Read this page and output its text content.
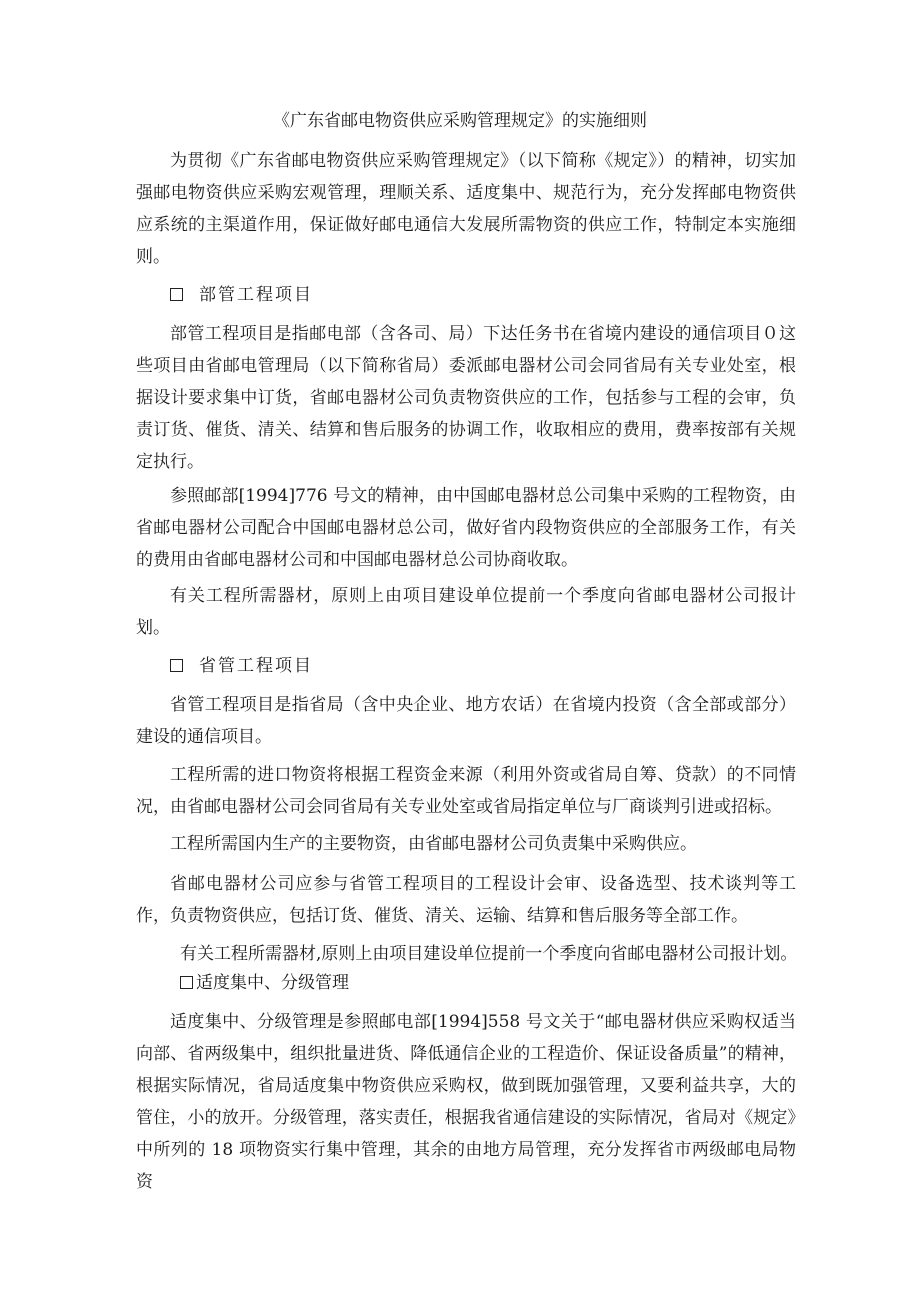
《广东省邮电物资供应采购管理规定》的实施细则

为贯彻《广东省邮电物资供应采购管理规定》（以下简称《规定》）的精神，切实加强邮电物资供应采购宏观管理，理顺关系、适度集中、规范行为，充分发挥邮电物资供应系统的主渠道作用，保证做好邮电通信大发展所需物资的供应工作，特制定本实施细则。

部管工程项目

部管工程项目是指邮电部（含各司、局）下达任务书在省境内建设的通信项目０这些项目由省邮电管理局（以下简称省局）委派邮电器材公司会同省局有关专业处室，根据设计要求集中订货，省邮电器材公司负责物资供应的工作，包括参与工程的会审，负责订货、催货、清关、结算和售后服务的协调工作，收取相应的费用，费率按部有关规定执行。

参照邮部[1994]776 号文的精神，由中国邮电器材总公司集中采购的工程物资，由省邮电器材公司配合中国邮电器材总公司，做好省内段物资供应的全部服务工作，有关的费用由省邮电器材公司和中国邮电器材总公司协商收取。

有关工程所需器材，原则上由项目建设单位提前一个季度向省邮电器材公司报计划。

省管工程项目

省管工程项目是指省局（含中央企业、地方农话）在省境内投资（含全部或部分）建设的通信项目。

工程所需的进口物资将根据工程资金来源（利用外资或省局自筹、贷款）的不同情况，由省邮电器材公司会同省局有关专业处室或省局指定单位与厂商谈判引进或招标。

工程所需国内生产的主要物资，由省邮电器材公司负责集中采购供应。

省邮电器材公司应参与省管工程项目的工程设计会审、设备选型、技术谈判等工作，负责物资供应，包括订货、催货、清关、运输、结算和售后服务等全部工作。

有关工程所需器材,原则上由项目建设单位提前一个季度向省邮电器材公司报计划。
适度集中、分级管理

适度集中、分级管理是参照邮电部[1994]558 号文关于“邮电器材供应采购权适当向部、省两级集中，组织批量进货、降低通信企业的工程造价、保证设备质量”的精神，根据实际情况，省局适度集中物资供应采购权，做到既加强管理，又要利益共享，大的管住，小的放开。分级管理，落实责任，根据我省通信建设的实际情况，省局对《规定》中所列的 18 项物资实行集中管理，其余的由地方局管理，充分发挥省市两级邮电局物资
